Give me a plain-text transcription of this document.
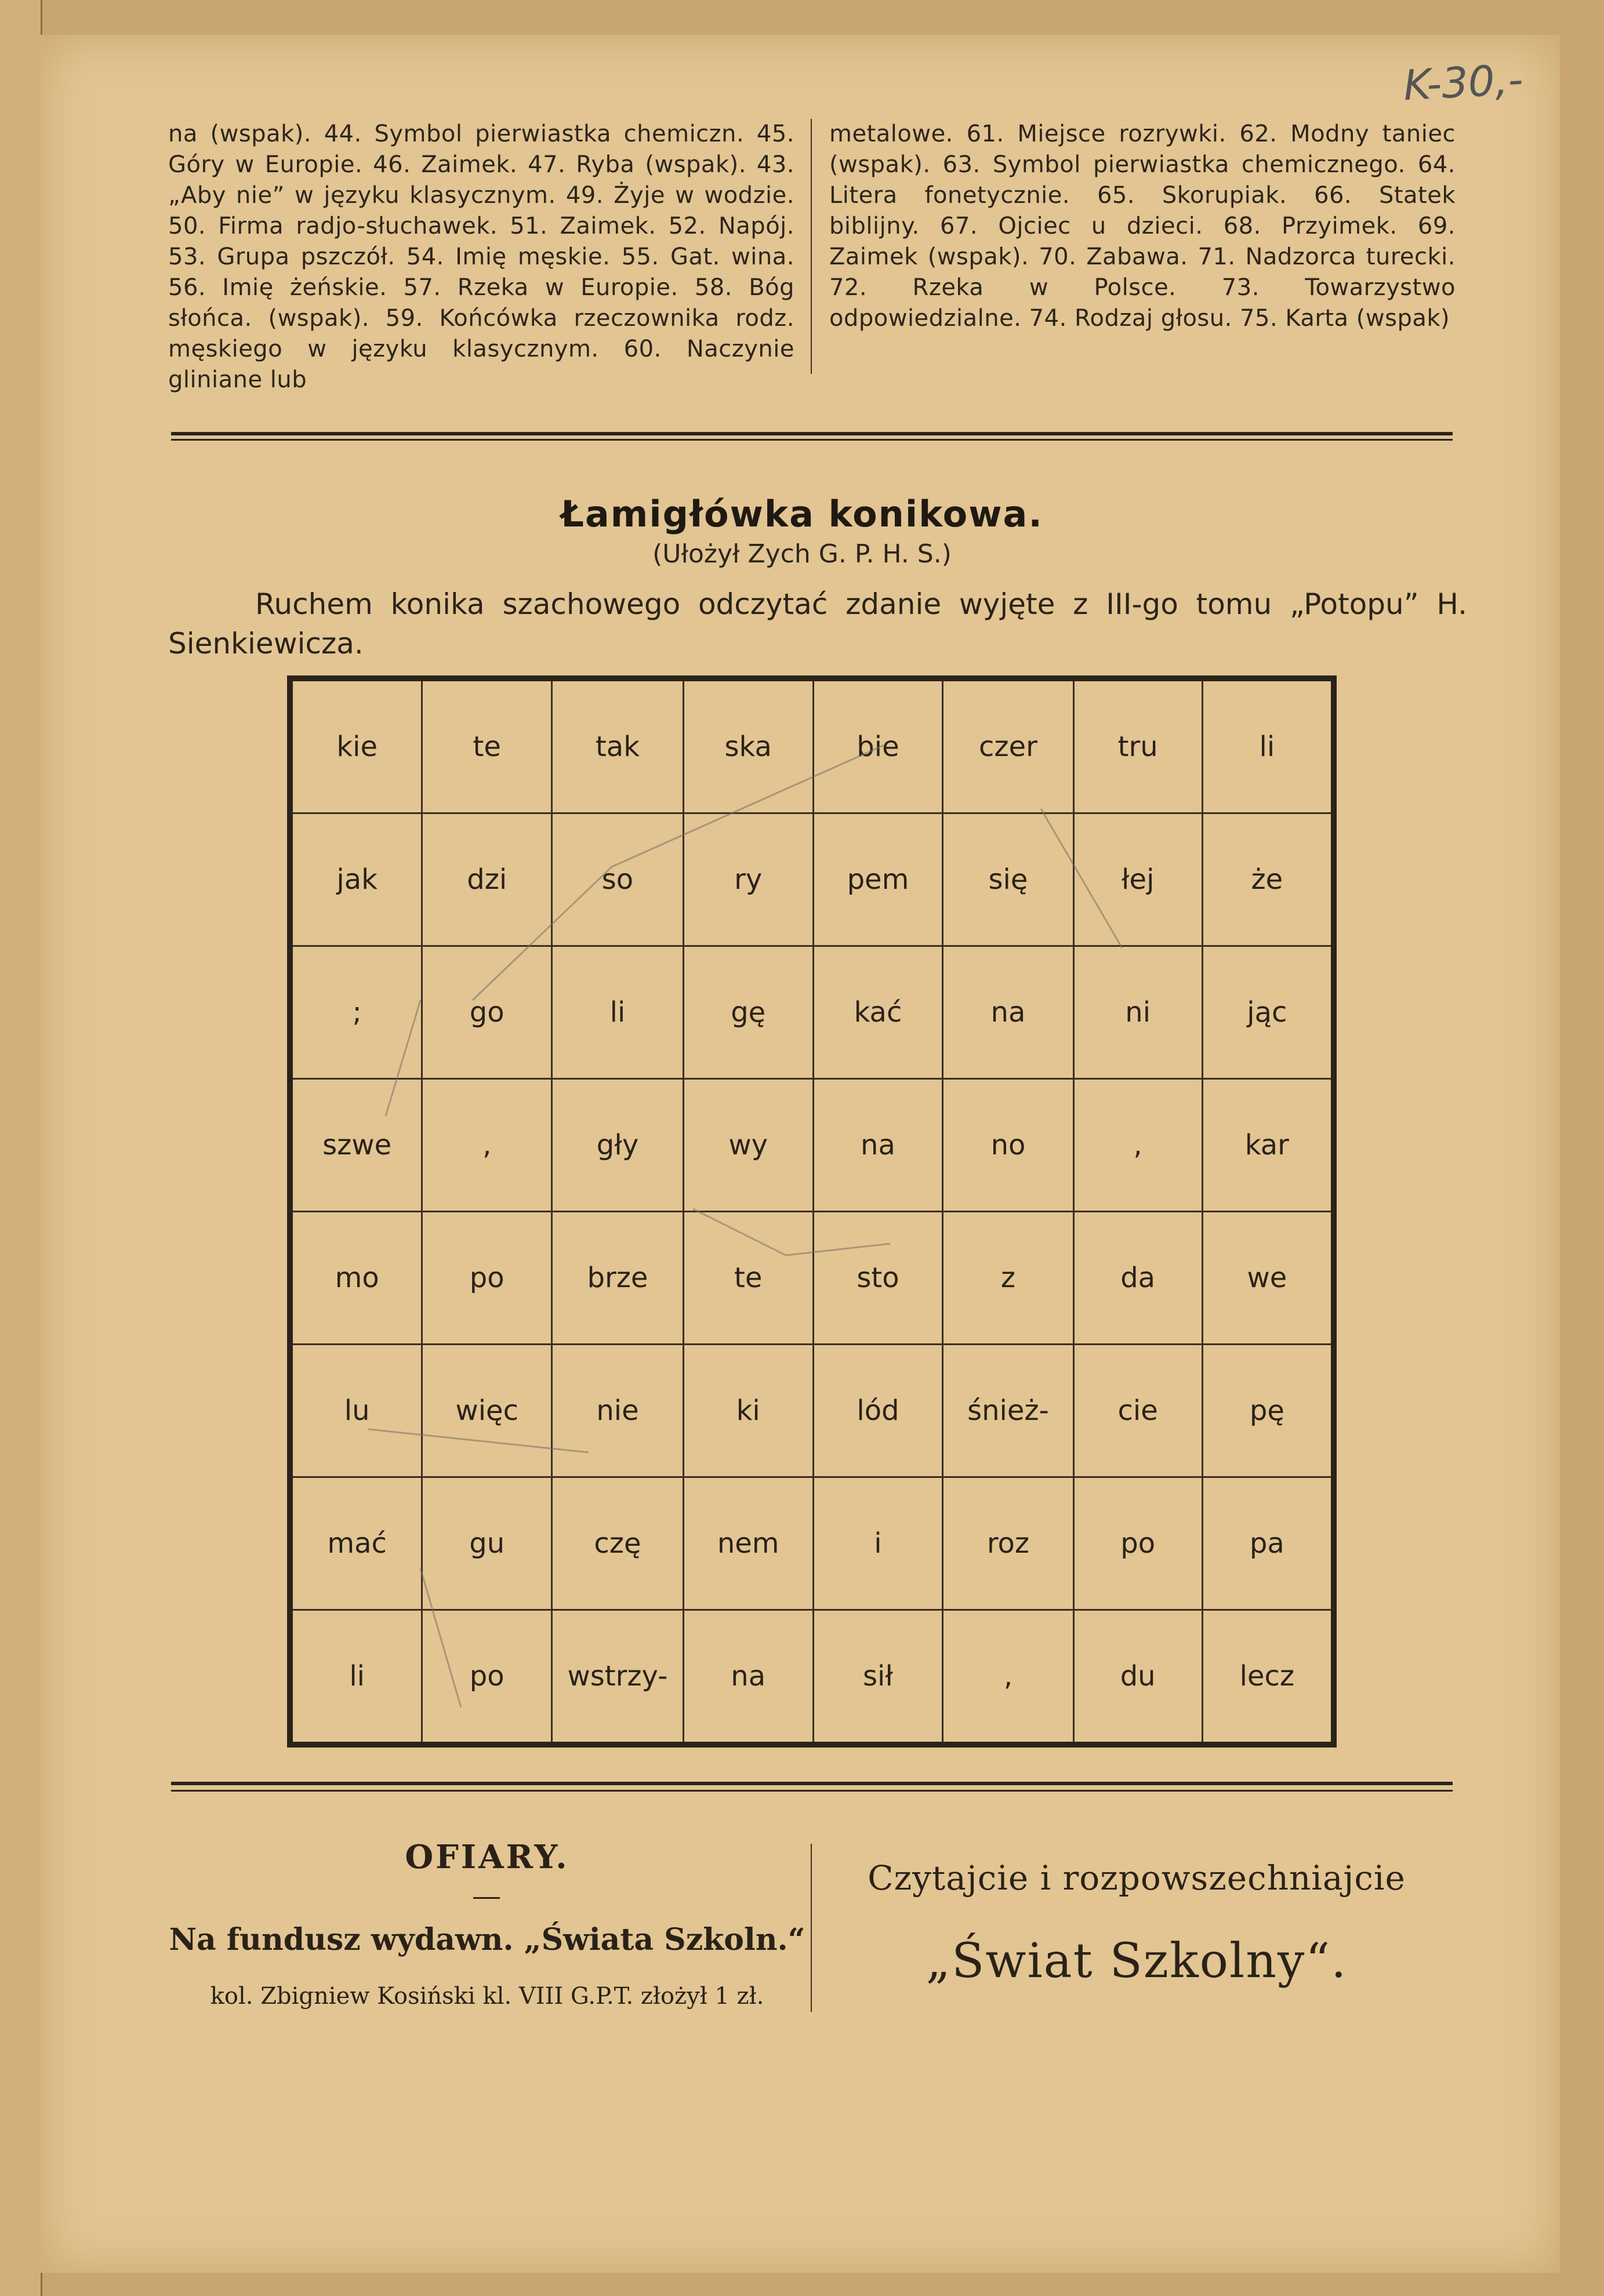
K-30,-
na (wspak). 44. Symbol pierwiastka chemiczn. 45. Góry w Europie. 46. Zaimek. 47. Ryba (wspak). 43. „Aby nie” w języku klasycznym. 49. Żyje w wodzie. 50. Firma radjo-słuchawek. 51. Zaimek. 52. Napój. 53. Grupa pszczół. 54. Imię męskie. 55. Gat. wina. 56. Imię żeńskie. 57. Rzeka w Europie. 58. Bóg słońca. (wspak). 59. Końcówka rzeczownika rodz. męskiego w języku klasycznym. 60. Naczynie gliniane lub
metalowe. 61. Miejsce rozrywki. 62. Modny taniec (wspak). 63. Symbol pierwiastka chemicznego. 64. Litera fonetycznie. 65. Skorupiak. 66. Statek biblijny. 67. Ojciec u dzieci. 68. Przyimek. 69. Zaimek (wspak). 70. Zabawa. 71. Nadzorca turecki. 72. Rzeka w Polsce. 73. Towarzystwo odpowiedzialne. 74. Rodzaj głosu. 75. Karta (wspak)
Łamigłówka konikowa.
(Ułożył Zych G. P. H. S.)
Ruchem konika szachowego odczytać zdanie wyjęte z III-go tomu „Potopu” H. Sienkiewicza.
kie	te	tak	ska	bie	czer	tru	li
jak	dzi	so	ry	pem	się	łej	że
;	go	li	gę	kać	na	ni	jąc
szwe	,	gły	wy	na	no	,	kar
mo	po	brze	te	sto	z	da	we
lu	więc	nie	ki	lód	śnież-	cie	pę
mać	gu	czę	nem	i	roz	po	pa
li	po	wstrzy-	na	sił	,	du	lecz
OFIARY.
Na fundusz wydawn. „Świata Szkoln.“
kol. Zbigniew Kosiński kl. VIII G.P.T. złożył 1 zł.
Czytajcie i rozpowszechniajcie
„Świat Szkolny“.
